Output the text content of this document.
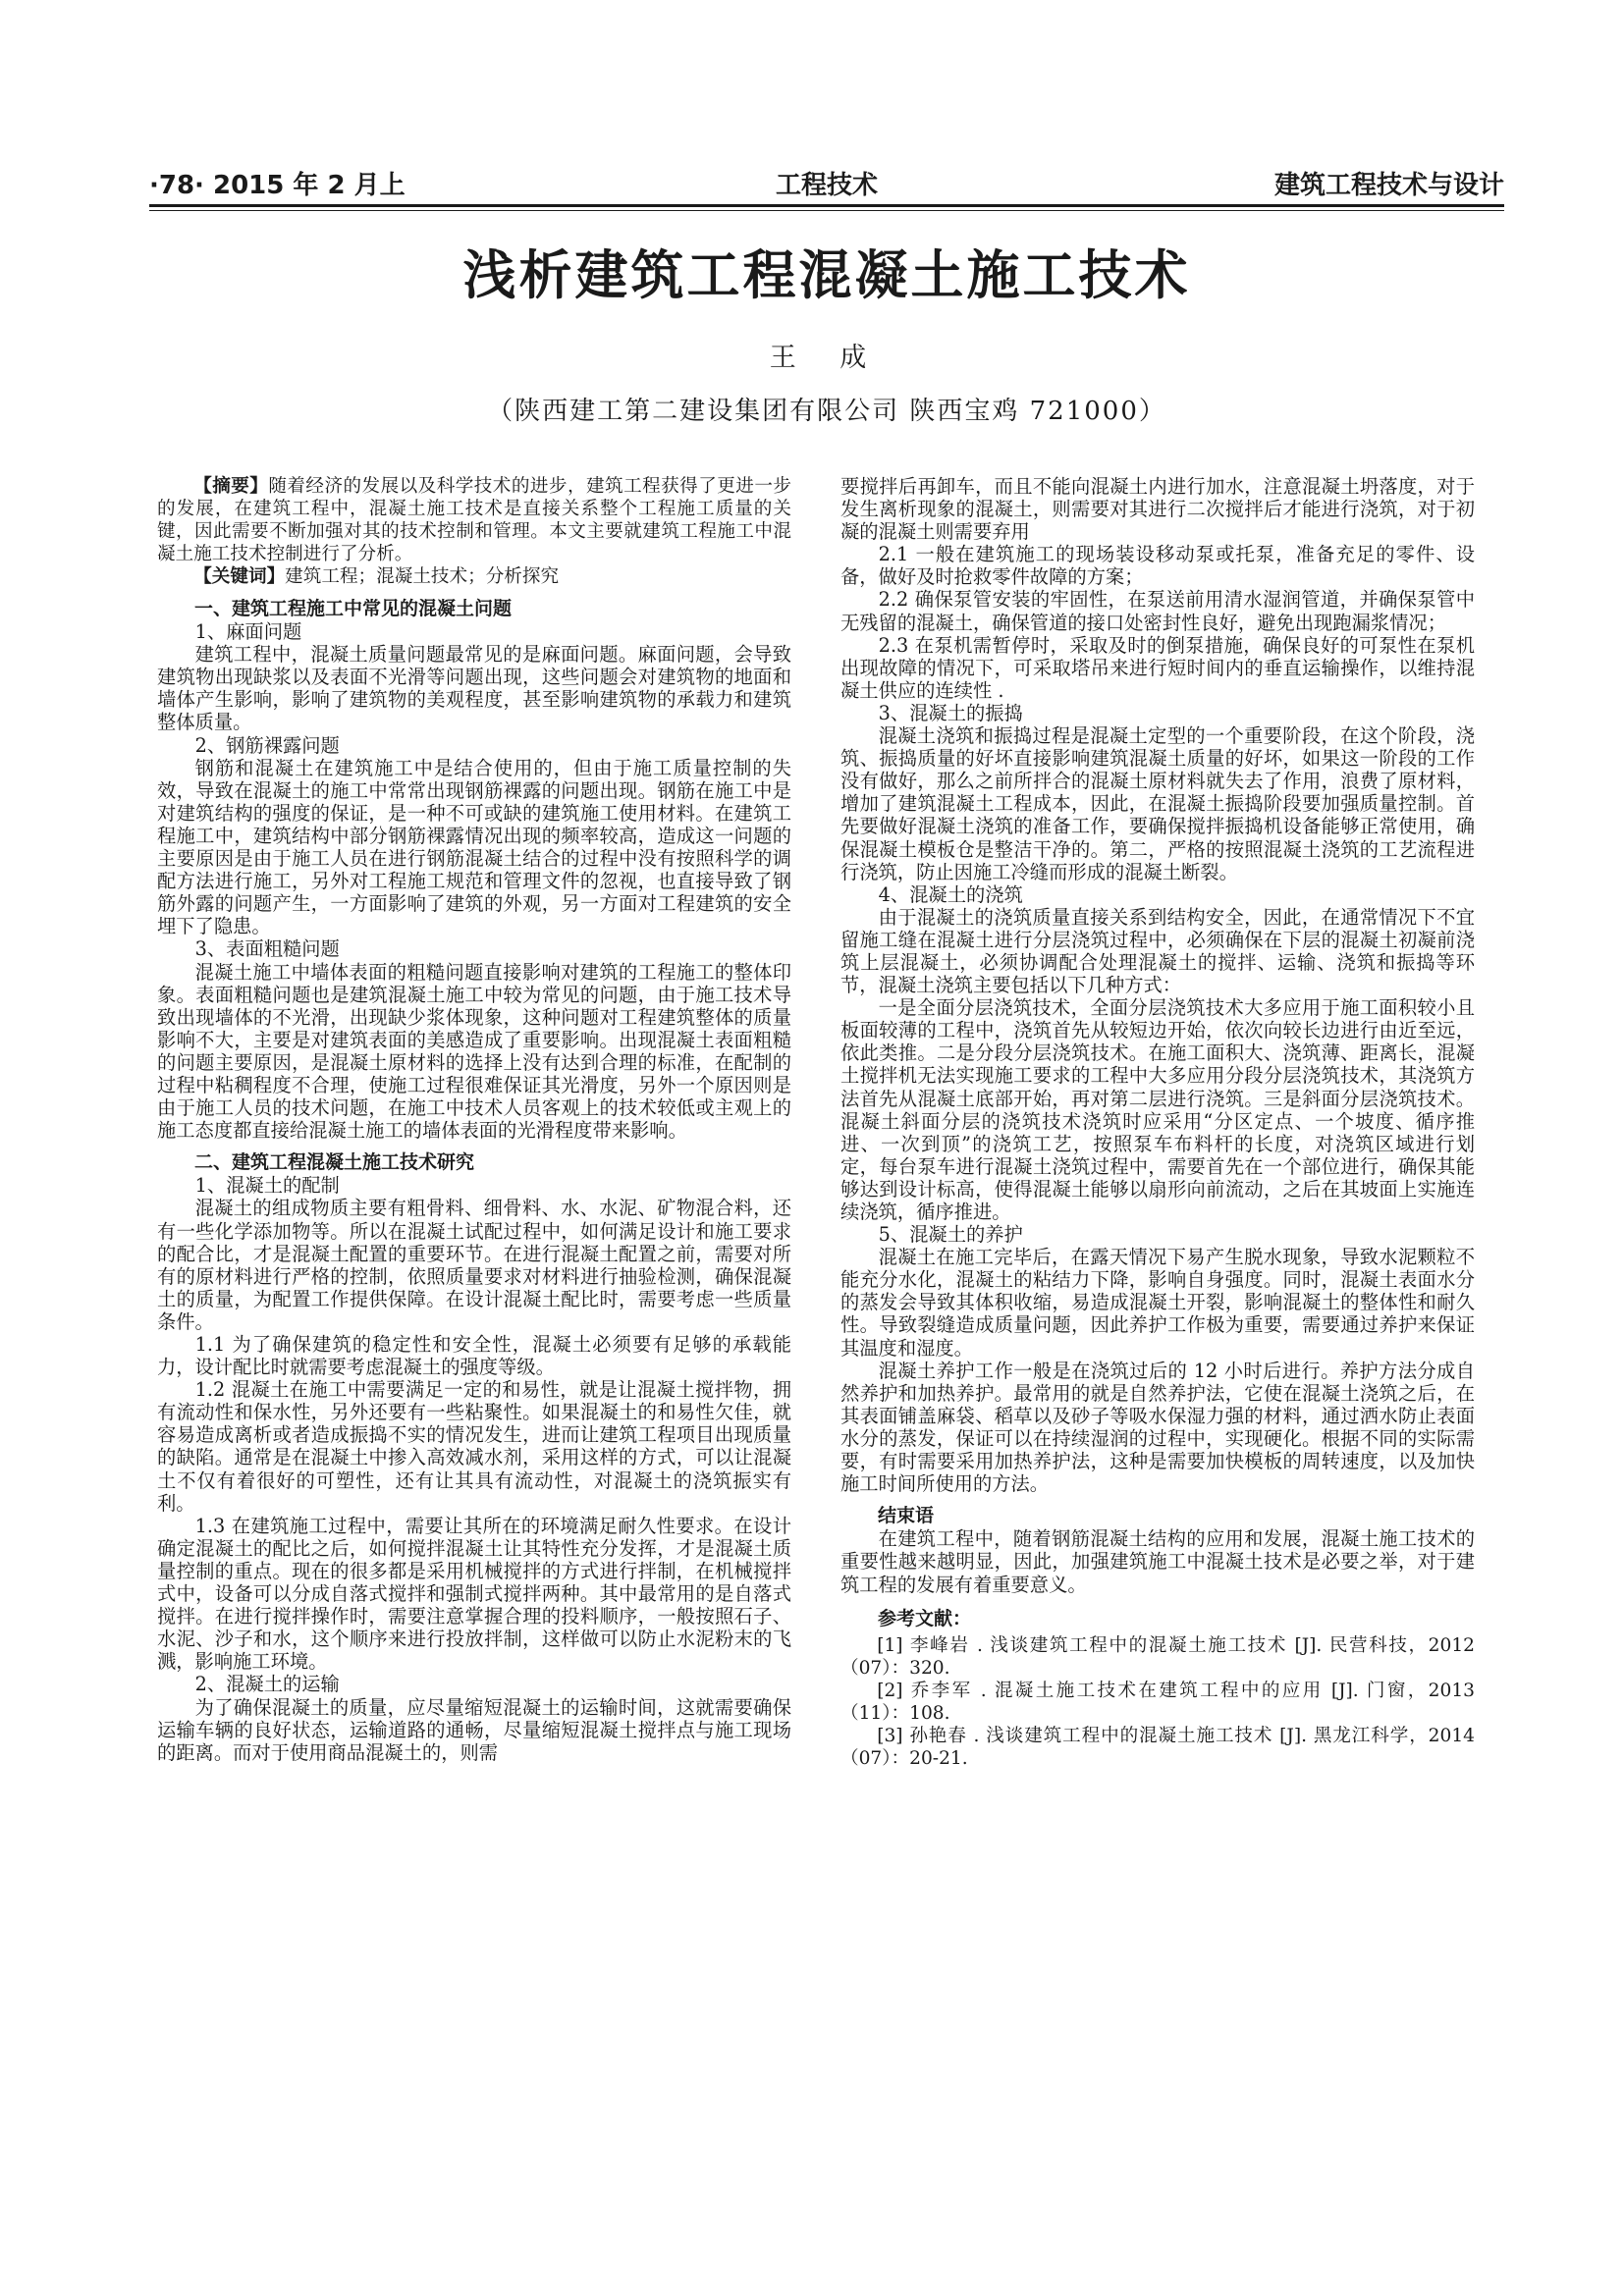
·78· 2015 年 2 月上	工程技术	建筑工程技术与设计
浅析建筑工程混凝土施工技术
王 成
（陕西建工第二建设集团有限公司 陕西宝鸡 721000）

【摘要】随着经济的发展以及科学技术的进步，建筑工程获得了更进一步的发展，在建筑工程中，混凝土施工技术是直接关系整个工程施工质量的关键，因此需要不断加强对其的技术控制和管理。本文主要就建筑工程施工中混凝土施工技术控制进行了分析。

【关键词】建筑工程；混凝土技术；分析探究

一、建筑工程施工中常见的混凝土问题

1、麻面问题

建筑工程中，混凝土质量问题最常见的是麻面问题。麻面问题，会导致建筑物出现缺浆以及表面不光滑等问题出现，这些问题会对建筑物的地面和墙体产生影响，影响了建筑物的美观程度，甚至影响建筑物的承载力和建筑整体质量。

2、钢筋裸露问题

钢筋和混凝土在建筑施工中是结合使用的，但由于施工质量控制的失效，导致在混凝土的施工中常常出现钢筋裸露的问题出现。钢筋在施工中是对建筑结构的强度的保证，是一种不可或缺的建筑施工使用材料。在建筑工程施工中，建筑结构中部分钢筋裸露情况出现的频率较高，造成这一问题的主要原因是由于施工人员在进行钢筋混凝土结合的过程中没有按照科学的调配方法进行施工，另外对工程施工规范和管理文件的忽视，也直接导致了钢筋外露的问题产生，一方面影响了建筑的外观，另一方面对工程建筑的安全埋下了隐患。

3、表面粗糙问题

混凝土施工中墙体表面的粗糙问题直接影响对建筑的工程施工的整体印象。表面粗糙问题也是建筑混凝土施工中较为常见的问题，由于施工技术导致出现墙体的不光滑，出现缺少浆体现象，这种问题对工程建筑整体的质量影响不大，主要是对建筑表面的美感造成了重要影响。出现混凝土表面粗糙的问题主要原因，是混凝土原材料的选择上没有达到合理的标准，在配制的过程中粘稠程度不合理，使施工过程很难保证其光滑度，另外一个原因则是由于施工人员的技术问题，在施工中技术人员客观上的技术较低或主观上的施工态度都直接给混凝土施工的墙体表面的光滑程度带来影响。

二、建筑工程混凝土施工技术研究

1、混凝土的配制

混凝土的组成物质主要有粗骨料、细骨料、水、水泥、矿物混合料，还有一些化学添加物等。所以在混凝土试配过程中，如何满足设计和施工要求的配合比，才是混凝土配置的重要环节。在进行混凝土配置之前，需要对所有的原材料进行严格的控制，依照质量要求对材料进行抽验检测，确保混凝土的质量，为配置工作提供保障。在设计混凝土配比时，需要考虑一些质量条件。

1.1 为了确保建筑的稳定性和安全性，混凝土必须要有足够的承载能力，设计配比时就需要考虑混凝土的强度等级。

1.2 混凝土在施工中需要满足一定的和易性，就是让混凝土搅拌物，拥有流动性和保水性，另外还要有一些粘聚性。如果混凝土的和易性欠佳，就容易造成离析或者造成振捣不实的情况发生，进而让建筑工程项目出现质量的缺陷。通常是在混凝土中掺入高效减水剂，采用这样的方式，可以让混凝土不仅有着很好的可塑性，还有让其具有流动性，对混凝土的浇筑振实有利。

1.3 在建筑施工过程中，需要让其所在的环境满足耐久性要求。在设计确定混凝土的配比之后，如何搅拌混凝土让其特性充分发挥，才是混凝土质量控制的重点。现在的很多都是采用机械搅拌的方式进行拌制，在机械搅拌式中，设备可以分成自落式搅拌和强制式搅拌两种。其中最常用的是自落式搅拌。在进行搅拌操作时，需要注意掌握合理的投料顺序，一般按照石子、水泥、沙子和水，这个顺序来进行投放拌制，这样做可以防止水泥粉末的飞溅，影响施工环境。

2、混凝土的运输

为了确保混凝土的质量，应尽量缩短混凝土的运输时间，这就需要确保运输车辆的良好状态，运输道路的通畅，尽量缩短混凝土搅拌点与施工现场的距离。而对于使用商品混凝土的，则需

要搅拌后再卸车，而且不能向混凝土内进行加水，注意混凝土坍落度，对于发生离析现象的混凝土，则需要对其进行二次搅拌后才能进行浇筑，对于初凝的混凝土则需要弃用

2.1 一般在建筑施工的现场装设移动泵或托泵，准备充足的零件、设备，做好及时抢救零件故障的方案；

2.2 确保泵管安装的牢固性，在泵送前用清水湿润管道，并确保泵管中无残留的混凝土，确保管道的接口处密封性良好，避免出现跑漏浆情况；

2.3 在泵机需暂停时，采取及时的倒泵措施，确保良好的可泵性在泵机出现故障的情况下，可采取塔吊来进行短时间内的垂直运输操作，以维持混凝土供应的连续性 .

3、混凝土的振捣

混凝土浇筑和振捣过程是混凝土定型的一个重要阶段，在这个阶段，浇筑、振捣质量的好坏直接影响建筑混凝土质量的好坏，如果这一阶段的工作没有做好，那么之前所拌合的混凝土原材料就失去了作用，浪费了原材料，增加了建筑混凝土工程成本，因此，在混凝土振捣阶段要加强质量控制。首先要做好混凝土浇筑的准备工作，要确保搅拌振捣机设备能够正常使用，确保混凝土模板仓是整洁干净的。第二，严格的按照混凝土浇筑的工艺流程进行浇筑，防止因施工冷缝而形成的混凝土断裂。

4、混凝土的浇筑

由于混凝土的浇筑质量直接关系到结构安全，因此，在通常情况下不宜留施工缝在混凝土进行分层浇筑过程中，必须确保在下层的混凝土初凝前浇筑上层混凝土，必须协调配合处理混凝土的搅拌、运输、浇筑和振捣等环节，混凝土浇筑主要包括以下几种方式：

一是全面分层浇筑技术，全面分层浇筑技术大多应用于施工面积较小且板面较薄的工程中，浇筑首先从较短边开始，依次向较长边进行由近至远，依此类推。二是分段分层浇筑技术。在施工面积大、浇筑薄、距离长，混凝土搅拌机无法实现施工要求的工程中大多应用分段分层浇筑技术，其浇筑方法首先从混凝土底部开始，再对第二层进行浇筑。三是斜面分层浇筑技术。混凝土斜面分层的浇筑技术浇筑时应采用“分区定点、一个坡度、循序推进、一次到顶”的浇筑工艺，按照泵车布料杆的长度，对浇筑区域进行划定，每台泵车进行混凝土浇筑过程中，需要首先在一个部位进行，确保其能够达到设计标高，使得混凝土能够以扇形向前流动，之后在其坡面上实施连续浇筑，循序推进。

5、混凝土的养护

混凝土在施工完毕后，在露天情况下易产生脱水现象，导致水泥颗粒不能充分水化，混凝土的粘结力下降，影响自身强度。同时，混凝土表面水分的蒸发会导致其体积收缩，易造成混凝土开裂，影响混凝土的整体性和耐久性。导致裂缝造成质量问题，因此养护工作极为重要，需要通过养护来保证其温度和湿度。

混凝土养护工作一般是在浇筑过后的 12 小时后进行。养护方法分成自然养护和加热养护。最常用的就是自然养护法，它使在混凝土浇筑之后，在其表面铺盖麻袋、稻草以及砂子等吸水保湿力强的材料，通过洒水防止表面水分的蒸发，保证可以在持续湿润的过程中，实现硬化。根据不同的实际需要，有时需要采用加热养护法，这种是需要加快模板的周转速度，以及加快施工时间所使用的方法。

结束语

在建筑工程中，随着钢筋混凝土结构的应用和发展，混凝土施工技术的重要性越来越明显，因此，加强建筑施工中混凝土技术是必要之举，对于建筑工程的发展有着重要意义。

参考文献：

[1] 李峰岩 . 浅谈建筑工程中的混凝土施工技术 [J]. 民营科技，2012（07）：320.

[2] 乔李军 . 混凝土施工技术在建筑工程中的应用 [J]. 门窗，2013（11）：108.

[3] 孙艳春 . 浅谈建筑工程中的混凝土施工技术 [J]. 黑龙江科学，2014（07）：20-21.
